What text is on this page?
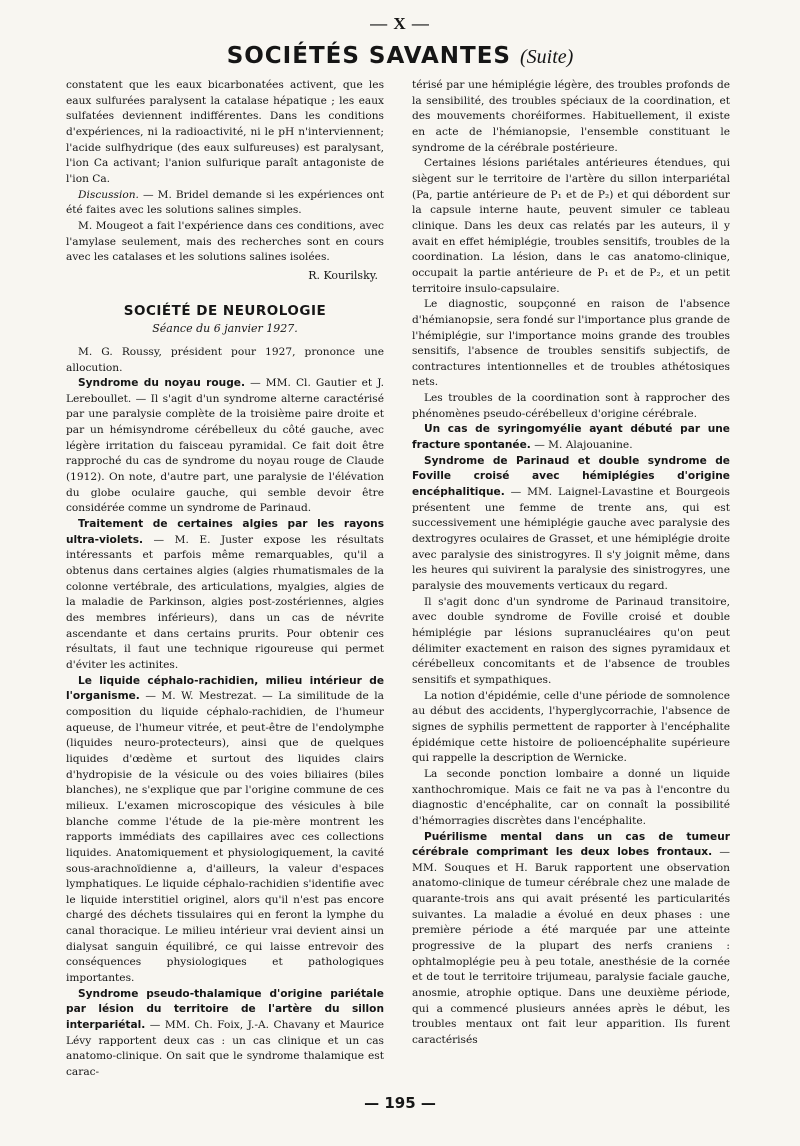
— X —
SOCIÉTÉS SAVANTES (Suite)

constatent que les eaux bicarbonatées activent, que les eaux sulfurées paralysent la catalase hépatique ; les eaux sulfatées deviennent indifférentes. Dans les conditions d'expériences, ni la radioactivité, ni le pH n'interviennent; l'acide sulfhydrique (des eaux sulfureuses) est paralysant, l'ion Ca activant; l'anion sulfurique paraît antagoniste de l'ion Ca.

Discussion. — M. Bridel demande si les expériences ont été faites avec les solutions salines simples.

M. Mougeot a fait l'expérience dans ces conditions, avec l'amylase seulement, mais des recherches sont en cours avec les catalases et les solutions salines isolées.

R. Kourilsky.
SOCIÉTÉ DE NEUROLOGIE
Séance du 6 janvier 1927.

M. G. Roussy, président pour 1927, prononce une allocution.

Syndrome du noyau rouge. — MM. Cl. Gautier et J. Lereboullet. — Il s'agit d'un syndrome alterne caractérisé par une paralysie complète de la troisième paire droite et par un hémisyndrome cérébelleux du côté gauche, avec légère irritation du faisceau pyramidal. Ce fait doit être rapproché du cas de syndrome du noyau rouge de Claude (1912). On note, d'autre part, une paralysie de l'élévation du globe oculaire gauche, qui semble devoir être considérée comme un syndrome de Parinaud.

Traitement de certaines algies par les rayons ultra-violets. — M. E. Juster expose les résultats intéressants et parfois même remarquables, qu'il a obtenus dans certaines algies (algies rhumatismales de la colonne vertébrale, des articulations, myalgies, algies de la maladie de Parkinson, algies post-zostériennes, algies des membres inférieurs), dans un cas de névrite ascendante et dans certains prurits. Pour obtenir ces résultats, il faut une technique rigoureuse qui permet d'éviter les actinites.

Le liquide céphalo-rachidien, milieu intérieur de l'organisme. — M. W. Mestrezat. — La similitude de la composition du liquide céphalo-rachidien, de l'humeur aqueuse, de l'humeur vitrée, et peut-être de l'endolymphe (liquides neuro-protecteurs), ainsi que de quelques liquides d'œdème et surtout des liquides clairs d'hydropisie de la vésicule ou des voies biliaires (biles blanches), ne s'explique que par l'origine commune de ces milieux. L'examen microscopique des vésicules à bile blanche comme l'étude de la pie-mère montrent les rapports immédiats des capillaires avec ces collections liquides. Anatomiquement et physiologiquement, la cavité sous-arachnoïdienne a, d'ailleurs, la valeur d'espaces lymphatiques. Le liquide céphalo-rachidien s'identifie avec le liquide interstitiel originel, alors qu'il n'est pas encore chargé des déchets tissulaires qui en feront la lymphe du canal thoracique. Le milieu intérieur vrai devient ainsi un dialysat sanguin équilibré, ce qui laisse entrevoir des conséquences physiologiques et pathologiques importantes.

Syndrome pseudo-thalamique d'origine pariétale par lésion du territoire de l'artère du sillon interpariétal. — MM. Ch. Foix, J.-A. Chavany et Maurice Lévy rapportent deux cas : un cas clinique et un cas anatomo-clinique. On sait que le syndrome thalamique est carac-

térisé par une hémiplégie légère, des troubles profonds de la sensibilité, des troubles spéciaux de la coordination, et des mouvements choréiformes. Habituellement, il existe en acte de l'hémianopsie, l'ensemble constituant le syndrome de la cérébrale postérieure.

Certaines lésions pariétales antérieures étendues, qui siègent sur le territoire de l'artère du sillon interpariétal (Pa, partie antérieure de P₁ et de P₂) et qui débordent sur la capsule interne haute, peuvent simuler ce tableau clinique. Dans les deux cas relatés par les auteurs, il y avait en effet hémiplégie, troubles sensitifs, troubles de la coordination. La lésion, dans le cas anatomo-clinique, occupait la partie antérieure de P₁ et de P₂, et un petit territoire insulo-capsulaire.

Le diagnostic, soupçonné en raison de l'absence d'hémianopsie, sera fondé sur l'importance plus grande de l'hémiplégie, sur l'importance moins grande des troubles sensitifs, l'absence de troubles sensitifs subjectifs, de contractures intentionnelles et de troubles athétosiques nets.

Les troubles de la coordination sont à rapprocher des phénomènes pseudo-cérébelleux d'origine cérébrale.

Un cas de syringomyélie ayant débuté par une fracture spontanée. — M. Alajouanine.

Syndrome de Parinaud et double syndrome de Foville croisé avec hémiplégies d'origine encéphalitique. — MM. Laignel-Lavastine et Bourgeois présentent une femme de trente ans, qui est successivement une hémiplégie gauche avec paralysie des dextrogyres oculaires de Grasset, et une hémiplégie droite avec paralysie des sinistrogyres. Il s'y joignit même, dans les heures qui suivirent la paralysie des sinistrogyres, une paralysie des mouvements verticaux du regard.

Il s'agit donc d'un syndrome de Parinaud transitoire, avec double syndrome de Foville croisé et double hémiplégie par lésions supranucléaires qu'on peut délimiter exactement en raison des signes pyramidaux et cérébelleux concomitants et de l'absence de troubles sensitifs et sympathiques.

La notion d'épidémie, celle d'une période de somnolence au début des accidents, l'hyperglycorrachie, l'absence de signes de syphilis permettent de rapporter à l'encéphalite épidémique cette histoire de polioencéphalite supérieure qui rappelle la description de Wernicke.

La seconde ponction lombaire a donné un liquide xanthochromique. Mais ce fait ne va pas à l'encontre du diagnostic d'encéphalite, car on connaît la possibilité d'hémorragies discrètes dans l'encéphalite.

Puérilisme mental dans un cas de tumeur cérébrale comprimant les deux lobes frontaux. — MM. Souques et H. Baruk rapportent une observation anatomo-clinique de tumeur cérébrale chez une malade de quarante-trois ans qui avait présenté les particularités suivantes. La maladie a évolué en deux phases : une première période a été marquée par une atteinte progressive de la plupart des nerfs craniens : ophtalmoplégie peu à peu totale, anesthésie de la cornée et de tout le territoire trijumeau, paralysie faciale gauche, anosmie, atrophie optique. Dans une deuxième période, qui a commencé plusieurs années après le début, les troubles mentaux ont fait leur apparition. Ils furent caractérisés

— 195 —
